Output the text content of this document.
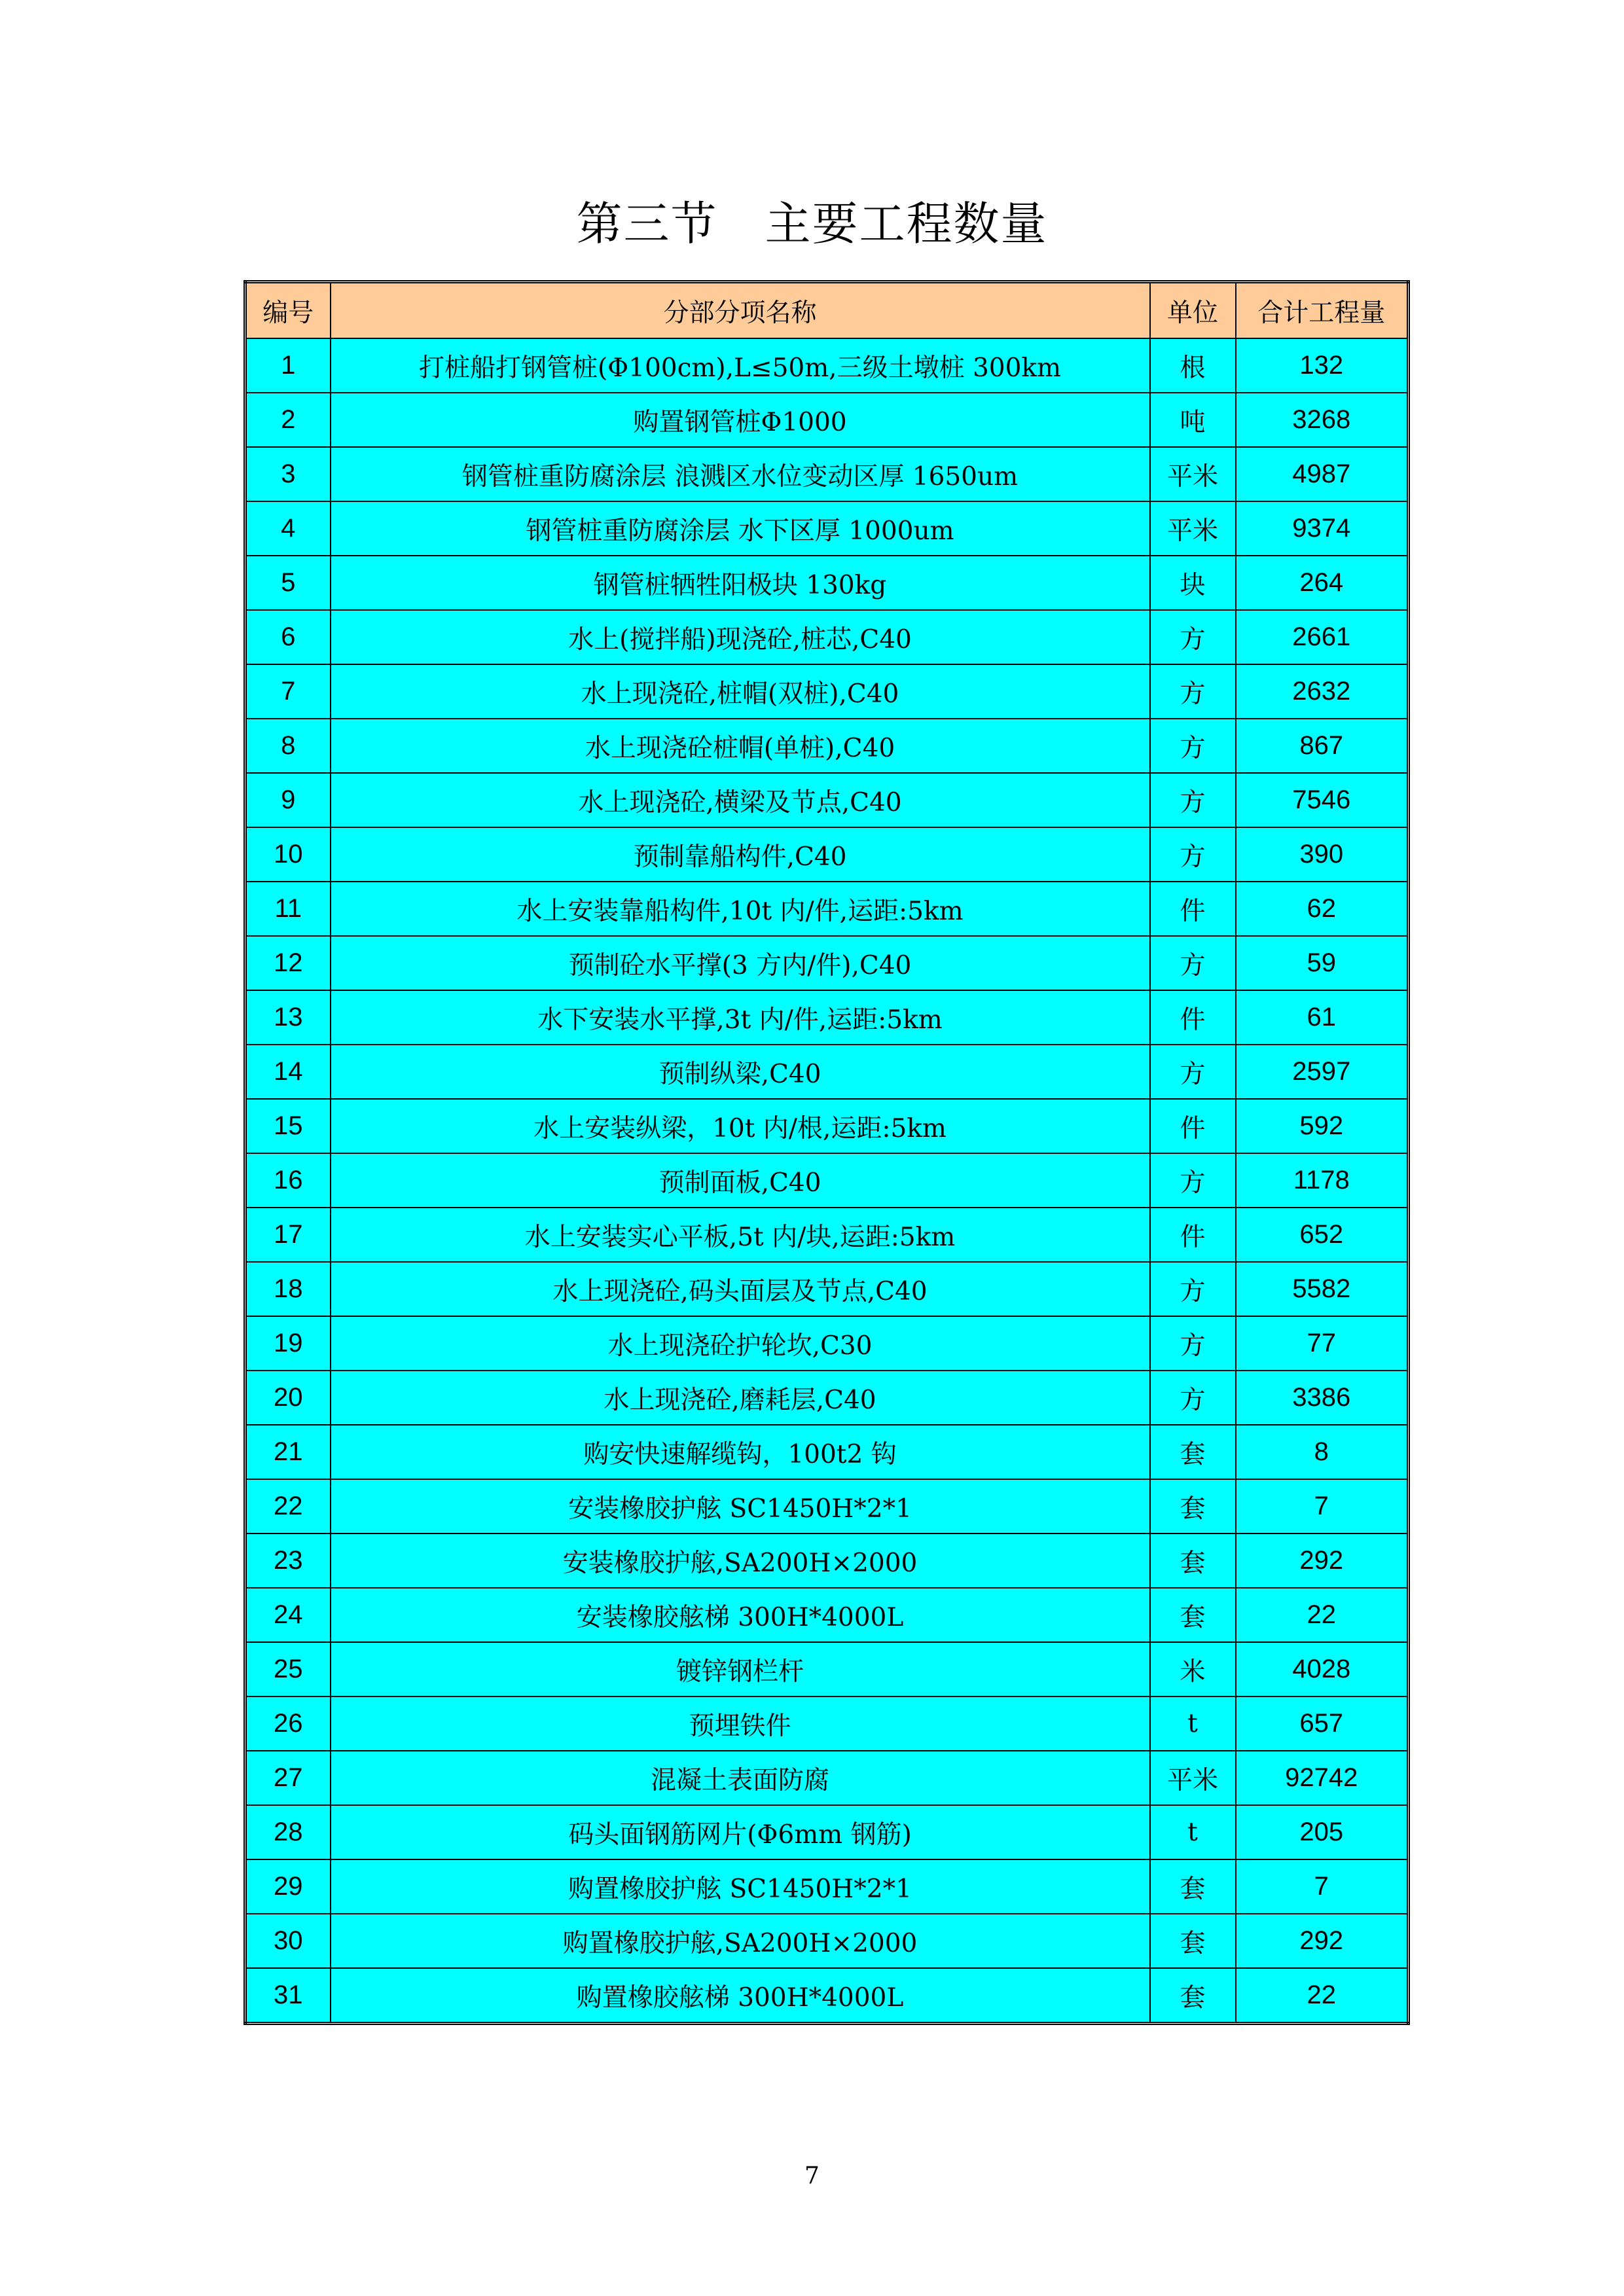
第三节　主要工程数量
编号	分部分项名称	单位	合计工程量
1	打桩船打钢管桩(Φ100cm),L≤50m,三级土墩桩 300km	根	132
2	购置钢管桩Φ1000	吨	3268
3	钢管桩重防腐涂层 浪溅区水位变动区厚 1650um	平米	4987
4	钢管桩重防腐涂层 水下区厚 1000um	平米	9374
5	钢管桩牺牲阳极块 130kg	块	264
6	水上(搅拌船)现浇砼,桩芯,C40	方	2661
7	水上现浇砼,桩帽(双桩),C40	方	2632
8	水上现浇砼桩帽(单桩),C40	方	867
9	水上现浇砼,横梁及节点,C40	方	7546
10	预制靠船构件,C40	方	390
11	水上安装靠船构件,10t 内/件,运距:5km	件	62
12	预制砼水平撑(3 方内/件),C40	方	59
13	水下安装水平撑,3t 内/件,运距:5km	件	61
14	预制纵梁,C40	方	2597
15	水上安装纵梁，10t 内/根,运距:5km	件	592
16	预制面板,C40	方	1178
17	水上安装实心平板,5t 内/块,运距:5km	件	652
18	水上现浇砼,码头面层及节点,C40	方	5582
19	水上现浇砼护轮坎,C30	方	77
20	水上现浇砼,磨耗层,C40	方	3386
21	购安快速解缆钩，100t2 钩	套	8
22	安装橡胶护舷 SC1450H*2*1	套	7
23	安装橡胶护舷,SA200H×2000	套	292
24	安装橡胶舷梯 300H*4000L	套	22
25	镀锌钢栏杆	米	4028
26	预埋铁件	t	657
27	混凝土表面防腐	平米	92742
28	码头面钢筋网片(Φ6mm 钢筋)	t	205
29	购置橡胶护舷 SC1450H*2*1	套	7
30	购置橡胶护舷,SA200H×2000	套	292
31	购置橡胶舷梯 300H*4000L	套	22
7
